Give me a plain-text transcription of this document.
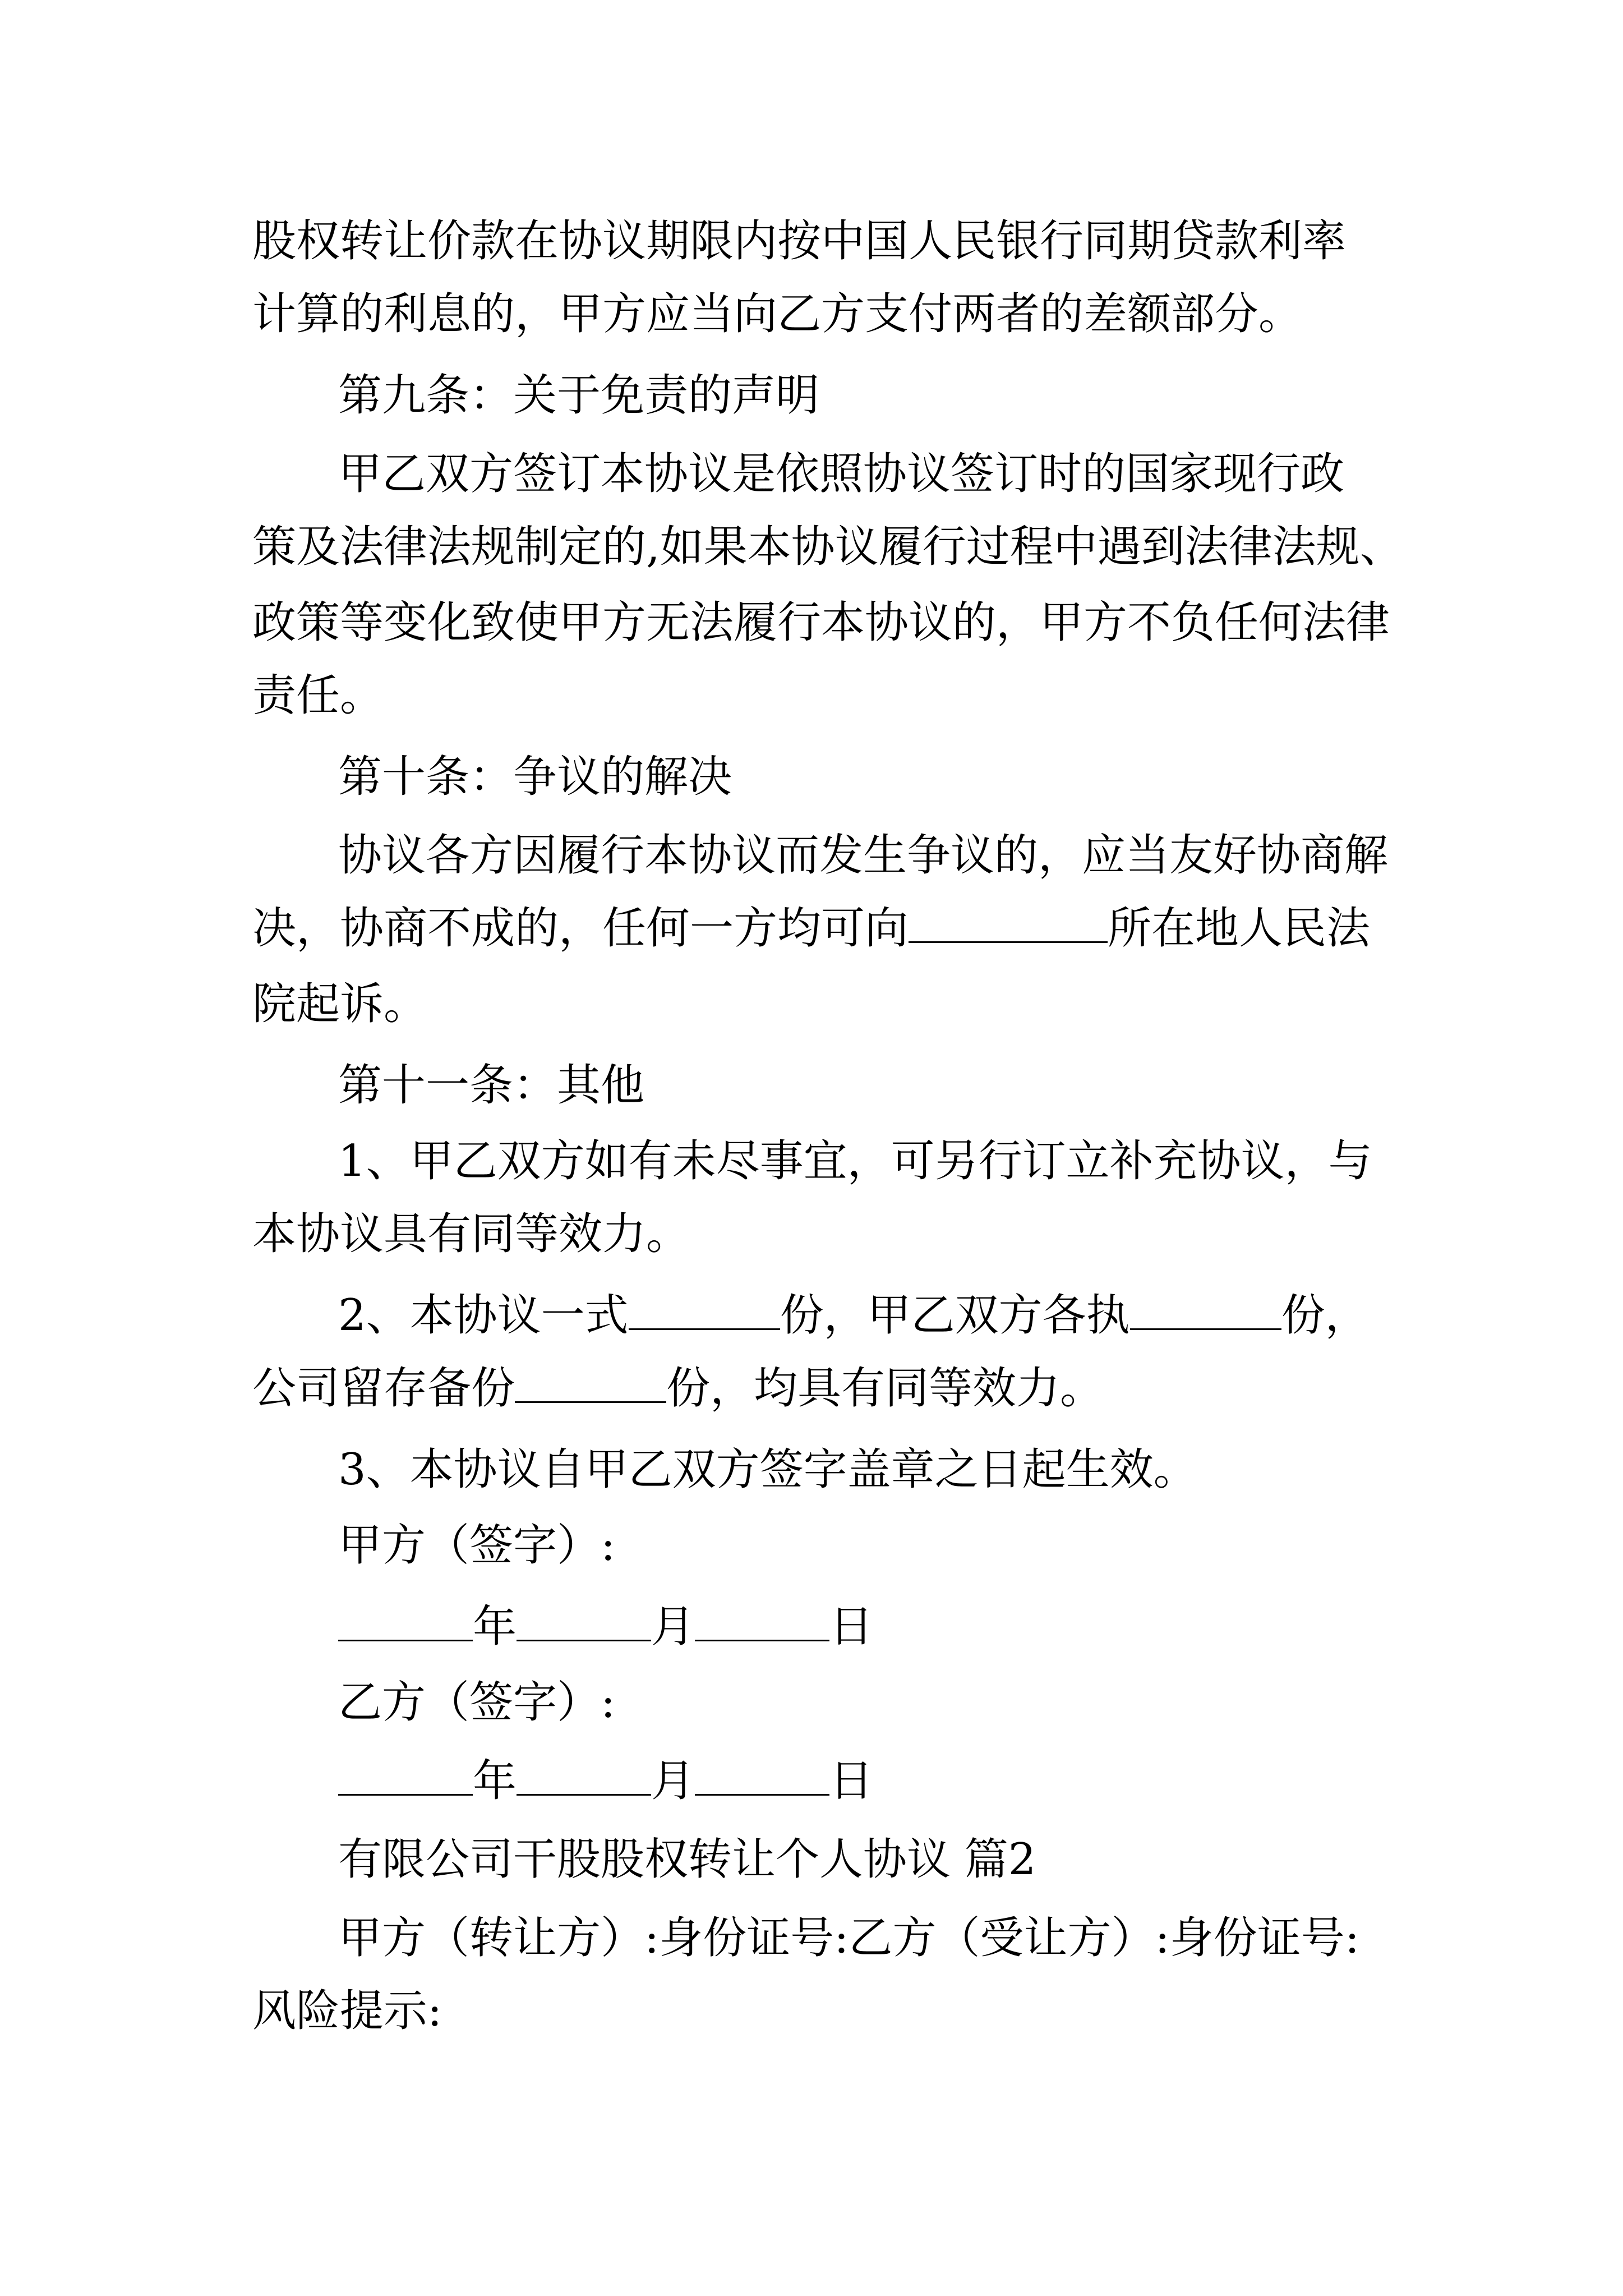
股权转让价款在协议期限内按中国人民银行同期贷款利率

计算的利息的，甲方应当向乙方支付两者的差额部分。

第九条：关于免责的声明

甲乙双方签订本协议是依照协议签订时的国家现行政

策及法律法规制定的,如果本协议履行过程中遇到法律法规、

政策等变化致使甲方无法履行本协议的，甲方不负任何法律

责任。

第十条：争议的解决

协议各方因履行本协议而发生争议的，应当友好协商解

决，协商不成的，任何一方均可向	所在地人民法

院起诉。

第十一条：其他

1、甲乙双方如有未尽事宜，可另行订立补充协议，与

本协议具有同等效力。

2、本协议一式	份，甲乙双方各执	份，

公司留存备份	份，均具有同等效力。

3、本协议自甲乙双方签字盖章之日起生效。

甲方（签字）:

年	月	日

乙方（签字）:

年	月	日

有限公司干股股权转让个人协议 篇2

甲方（转让方）:身份证号:乙方（受让方）:身份证号:

风险提示:
